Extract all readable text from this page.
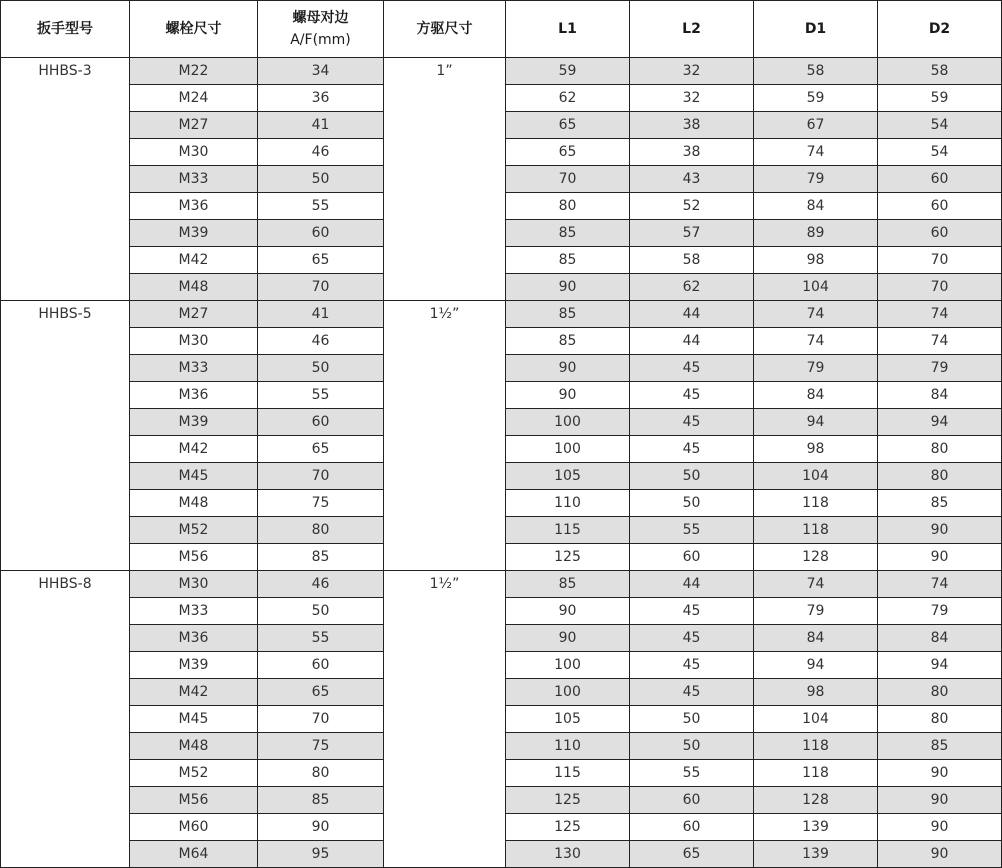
扳手型号	螺栓尺寸	螺母对边
A/F(mm)	方驱尺寸	L1	L2	D1	D2
HHBS-3	M22	34	1”	59	32	58	58
	M24	36		62	32	59	59
	M27	41		65	38	67	54
	M30	46		65	38	74	54
	M33	50		70	43	79	60
	M36	55		80	52	84	60
	M39	60		85	57	89	60
	M42	65		85	58	98	70
	M48	70		90	62	104	70
HHBS-5	M27	41	1½”	85	44	74	74
	M30	46		85	44	74	74
	M33	50		90	45	79	79
	M36	55		90	45	84	84
	M39	60		100	45	94	94
	M42	65		100	45	98	80
	M45	70		105	50	104	80
	M48	75		110	50	118	85
	M52	80		115	55	118	90
	M56	85		125	60	128	90
HHBS-8	M30	46	1½”	85	44	74	74
	M33	50		90	45	79	79
	M36	55		90	45	84	84
	M39	60		100	45	94	94
	M42	65		100	45	98	80
	M45	70		105	50	104	80
	M48	75		110	50	118	85
	M52	80		115	55	118	90
	M56	85		125	60	128	90
	M60	90		125	60	139	90
	M64	95		130	65	139	90
